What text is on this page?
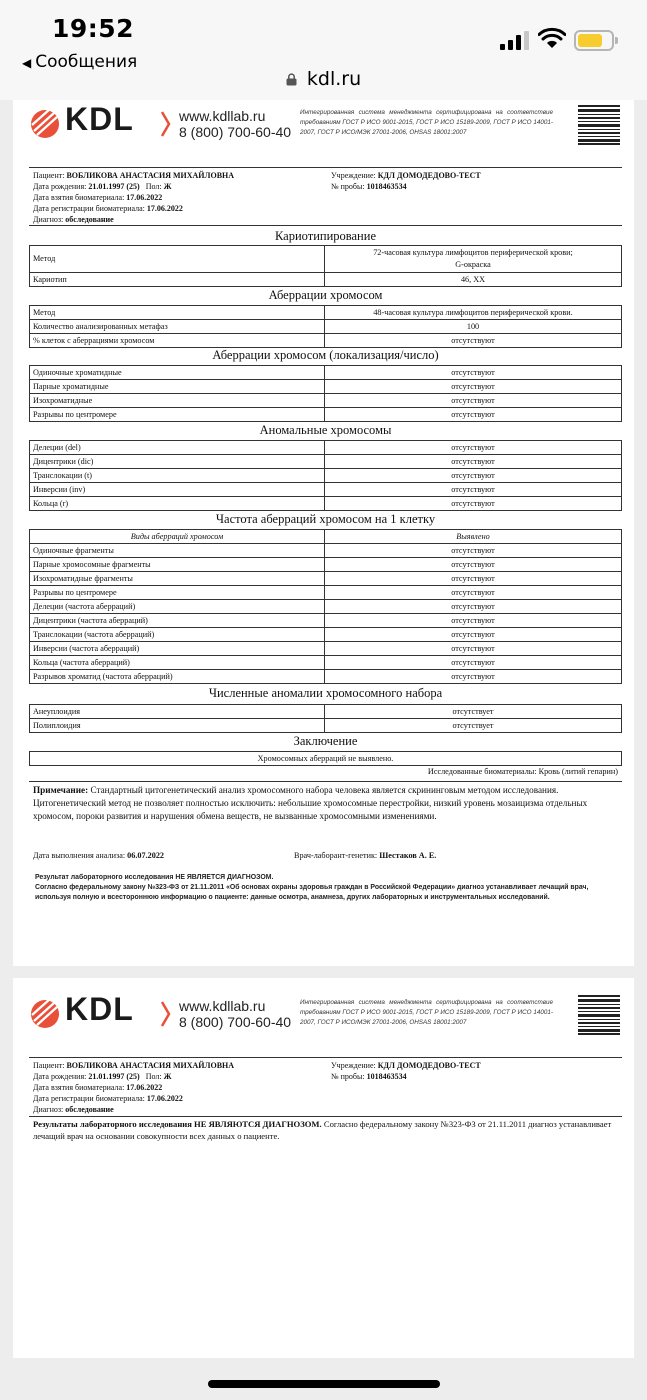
19:52
◀ Сообщения
kdl.ru
KDL	www.kdllab.ru
8 (800) 700-60-40
Интегрированная система менеджмента сертифицирована на соответствие требованиям ГОСТ Р ИСО 9001-2015, ГОСТ Р ИСО 15189-2009, ГОСТ Р ИСО 14001-2007, ГОСТ Р ИСО/МЭК 27001-2006, OHSAS 18001:2007
Пациент: ВОБЛИКОВА АНАСТАСИЯ МИХАЙЛОВНА
Дата рождения: 21.01.1997 (25) Пол: Ж
Дата взятия биоматериала: 17.06.2022
Дата регистрации биоматериала: 17.06.2022
Диагноз: обследование
Учреждение: КДЛ ДОМОДЕДОВО-ТЕСТ
№ пробы: 1018463534
Кариотипирование
Метод	72-часовая культура лимфоцитов периферической крови;
G-окраска
Кариотип	46, XX
Аберрации хромосом
Метод	48-часовая культура лимфоцитов периферической крови.
Количество анализированных метафаз	100
% клеток с аберрациями хромосом	отсутствуют
Аберрации хромосом (локализация/число)
Одиночные хроматидные	отсутствуют
Парные хроматидные	отсутствуют
Изохроматидные	отсутствуют
Разрывы по центромере	отсутствуют
Аномальные хромосомы
Делеции (del)	отсутствуют
Дицентрики (dic)	отсутствуют
Транслокации (t)	отсутствуют
Инверсии (inv)	отсутствуют
Кольца (r)	отсутствуют
Частота аберраций хромосом на 1 клетку
Виды аберраций хромосом	Выявлено
Одиночные фрагменты	отсутствуют
Парные хромосомные фрагменты	отсутствуют
Изохроматидные фрагменты	отсутствуют
Разрывы по центромере	отсутствуют
Делеции (частота аберраций)	отсутствуют
Дицентрики (частота аберраций)	отсутствуют
Транслокации (частота аберраций)	отсутствуют
Инверсии (частота аберраций)	отсутствуют
Кольца (частота аберраций)	отсутствуют
Разрывов хроматид (частота аберраций)	отсутствуют
Численные аномалии хромосомного набора
Анеуплоидия	отсутствует
Полиплоидия	отсутствует
Заключение
Хромосомных аберраций не выявлено.
Исследованные биоматериалы: Кровь (литий гепарин)
Примечание: Стандартный цитогенетический анализ хромосомного набора человека является скрининговым методом исследования. Цитогенетический метод не позволяет полностью исключить: небольшие хромосомные перестройки, низкий уровень мозаицизма отдельных хромосом, пороки развития и нарушения обмена веществ, не вызванные хромосомными изменениями.
Дата выполнения анализа: 06.07.2022	Врач-лаборант-генетик: Шестаков А. Е.
Результат лабораторного исследования НЕ ЯВЛЯЕТСЯ ДИАГНОЗОМ.
Согласно федеральному закону №323-ФЗ от 21.11.2011 «Об основах охраны здоровья граждан в Российской Федерации» диагноз устанавливает лечащий врач, используя полную и всестороннюю информацию о пациенте: данные осмотра, анамнеза, других лабораторных и инструментальных исследований.
KDL	www.kdllab.ru
8 (800) 700-60-40
Интегрированная система менеджмента сертифицирована на соответствие требованиям ГОСТ Р ИСО 9001-2015, ГОСТ Р ИСО 15189-2009, ГОСТ Р ИСО 14001-2007, ГОСТ Р ИСО/МЭК 27001-2006, OHSAS 18001:2007
Пациент: ВОБЛИКОВА АНАСТАСИЯ МИХАЙЛОВНА
Дата рождения: 21.01.1997 (25) Пол: Ж
Дата взятия биоматериала: 17.06.2022
Дата регистрации биоматериала: 17.06.2022
Диагноз: обследование
Учреждение: КДЛ ДОМОДЕДОВО-ТЕСТ
№ пробы: 1018463534
Результаты лабораторного исследования НЕ ЯВЛЯЮТСЯ ДИАГНОЗОМ. Согласно федеральному закону №323-ФЗ от 21.11.2011 диагноз устанавливает лечащий врач на основании совокупности всех данных о пациенте.
